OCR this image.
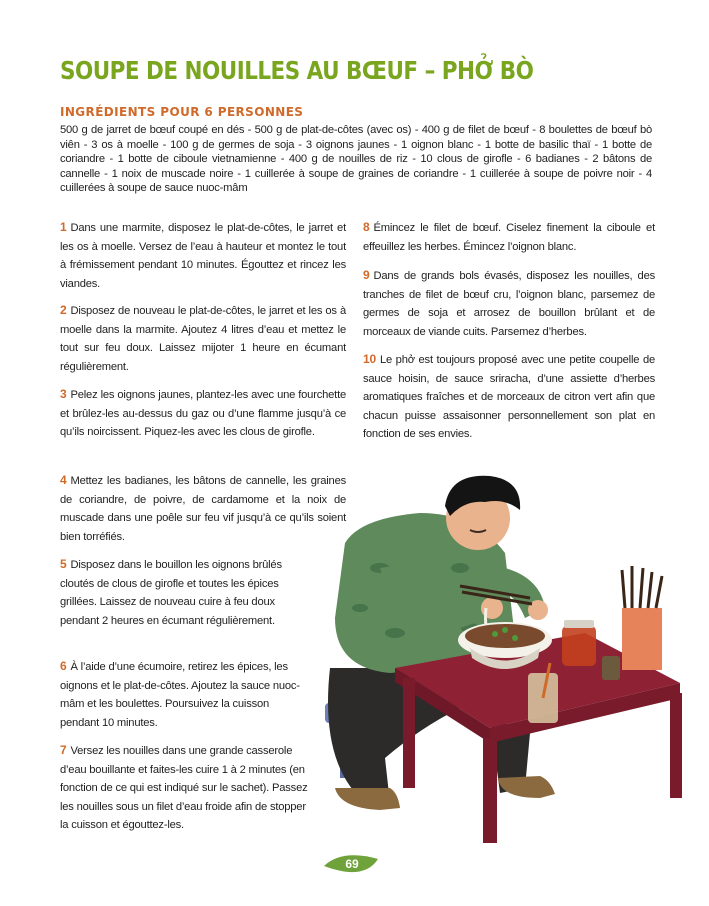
SOUPE DE NOUILLES AU BŒUF – PHỞ BÒ
INGRÉDIENTS POUR 6 PERSONNES
500 g de jarret de bœuf coupé en dés - 500 g de plat-de-côtes (avec os) - 400 g de filet de bœuf - 8 boulettes de bœuf bò viên - 3 os à moelle - 100 g de germes de soja - 3 oignons jaunes - 1 oignon blanc - 1 botte de basilic thaï - 1 botte de coriandre - 1 botte de ciboule vietnamienne - 400 g de nouilles de riz - 10 clous de girofle - 6 badianes - 2 bâtons de cannelle - 1 noix de muscade noire - 1 cuillerée à soupe de graines de coriandre - 1 cuillerée à soupe de poivre noir - 4 cuillerées à soupe de sauce nuoc-mâm
1 Dans une marmite, disposez le plat-de-côtes, le jarret et les os à moelle. Versez de l’eau à hauteur et montez le tout à frémissement pendant 10 minutes. Égouttez et rincez les viandes.
2 Disposez de nouveau le plat-de-côtes, le jarret et les os à moelle dans la marmite. Ajoutez 4 litres d’eau et mettez le tout sur feu doux. Laissez mijoter 1 heure en écumant régulièrement.
3 Pelez les oignons jaunes, plantez-les avec une fourchette et brûlez-les au-dessus du gaz ou d’une flamme jusqu’à ce qu’ils noircissent. Piquez-les avec les clous de girofle.
4 Mettez les badianes, les bâtons de cannelle, les graines de coriandre, de poivre, de cardamome et la noix de muscade dans une poêle sur feu vif jusqu’à ce qu’ils soient bien torréfiés.
5 Disposez dans le bouillon les oignons brûlés cloutés de clous de girofle et toutes les épices grillées. Laissez de nouveau cuire à feu doux pendant 2 heures en écumant régulièrement.
6 À l’aide d’une écumoire, retirez les épices, les oignons et le plat-de-côtes. Ajoutez la sauce nuoc-mâm et les boulettes. Poursuivez la cuisson pendant 10 minutes.
7 Versez les nouilles dans une grande casserole d’eau bouillante et faites-les cuire 1 à 2 minutes (en fonction de ce qui est indiqué sur le sachet). Passez les nouilles sous un filet d’eau froide afin de stopper la cuisson et égouttez-les.
8 Émincez le filet de bœuf. Ciselez finement la ciboule et effeuillez les herbes. Émincez l’oignon blanc.
9 Dans de grands bols évasés, disposez les nouilles, des tranches de filet de bœuf cru, l’oignon blanc, parsemez de germes de soja et arrosez de bouillon brûlant et de morceaux de viande cuits. Parsemez d’herbes.
10 Le phở est toujours proposé avec une petite coupelle de sauce hoisin, de sauce sriracha, d’une assiette d’herbes aromatiques fraîches et de morceaux de citron vert afin que chacun puisse assaisonner personnellement son plat en fonction de ses envies.
69
